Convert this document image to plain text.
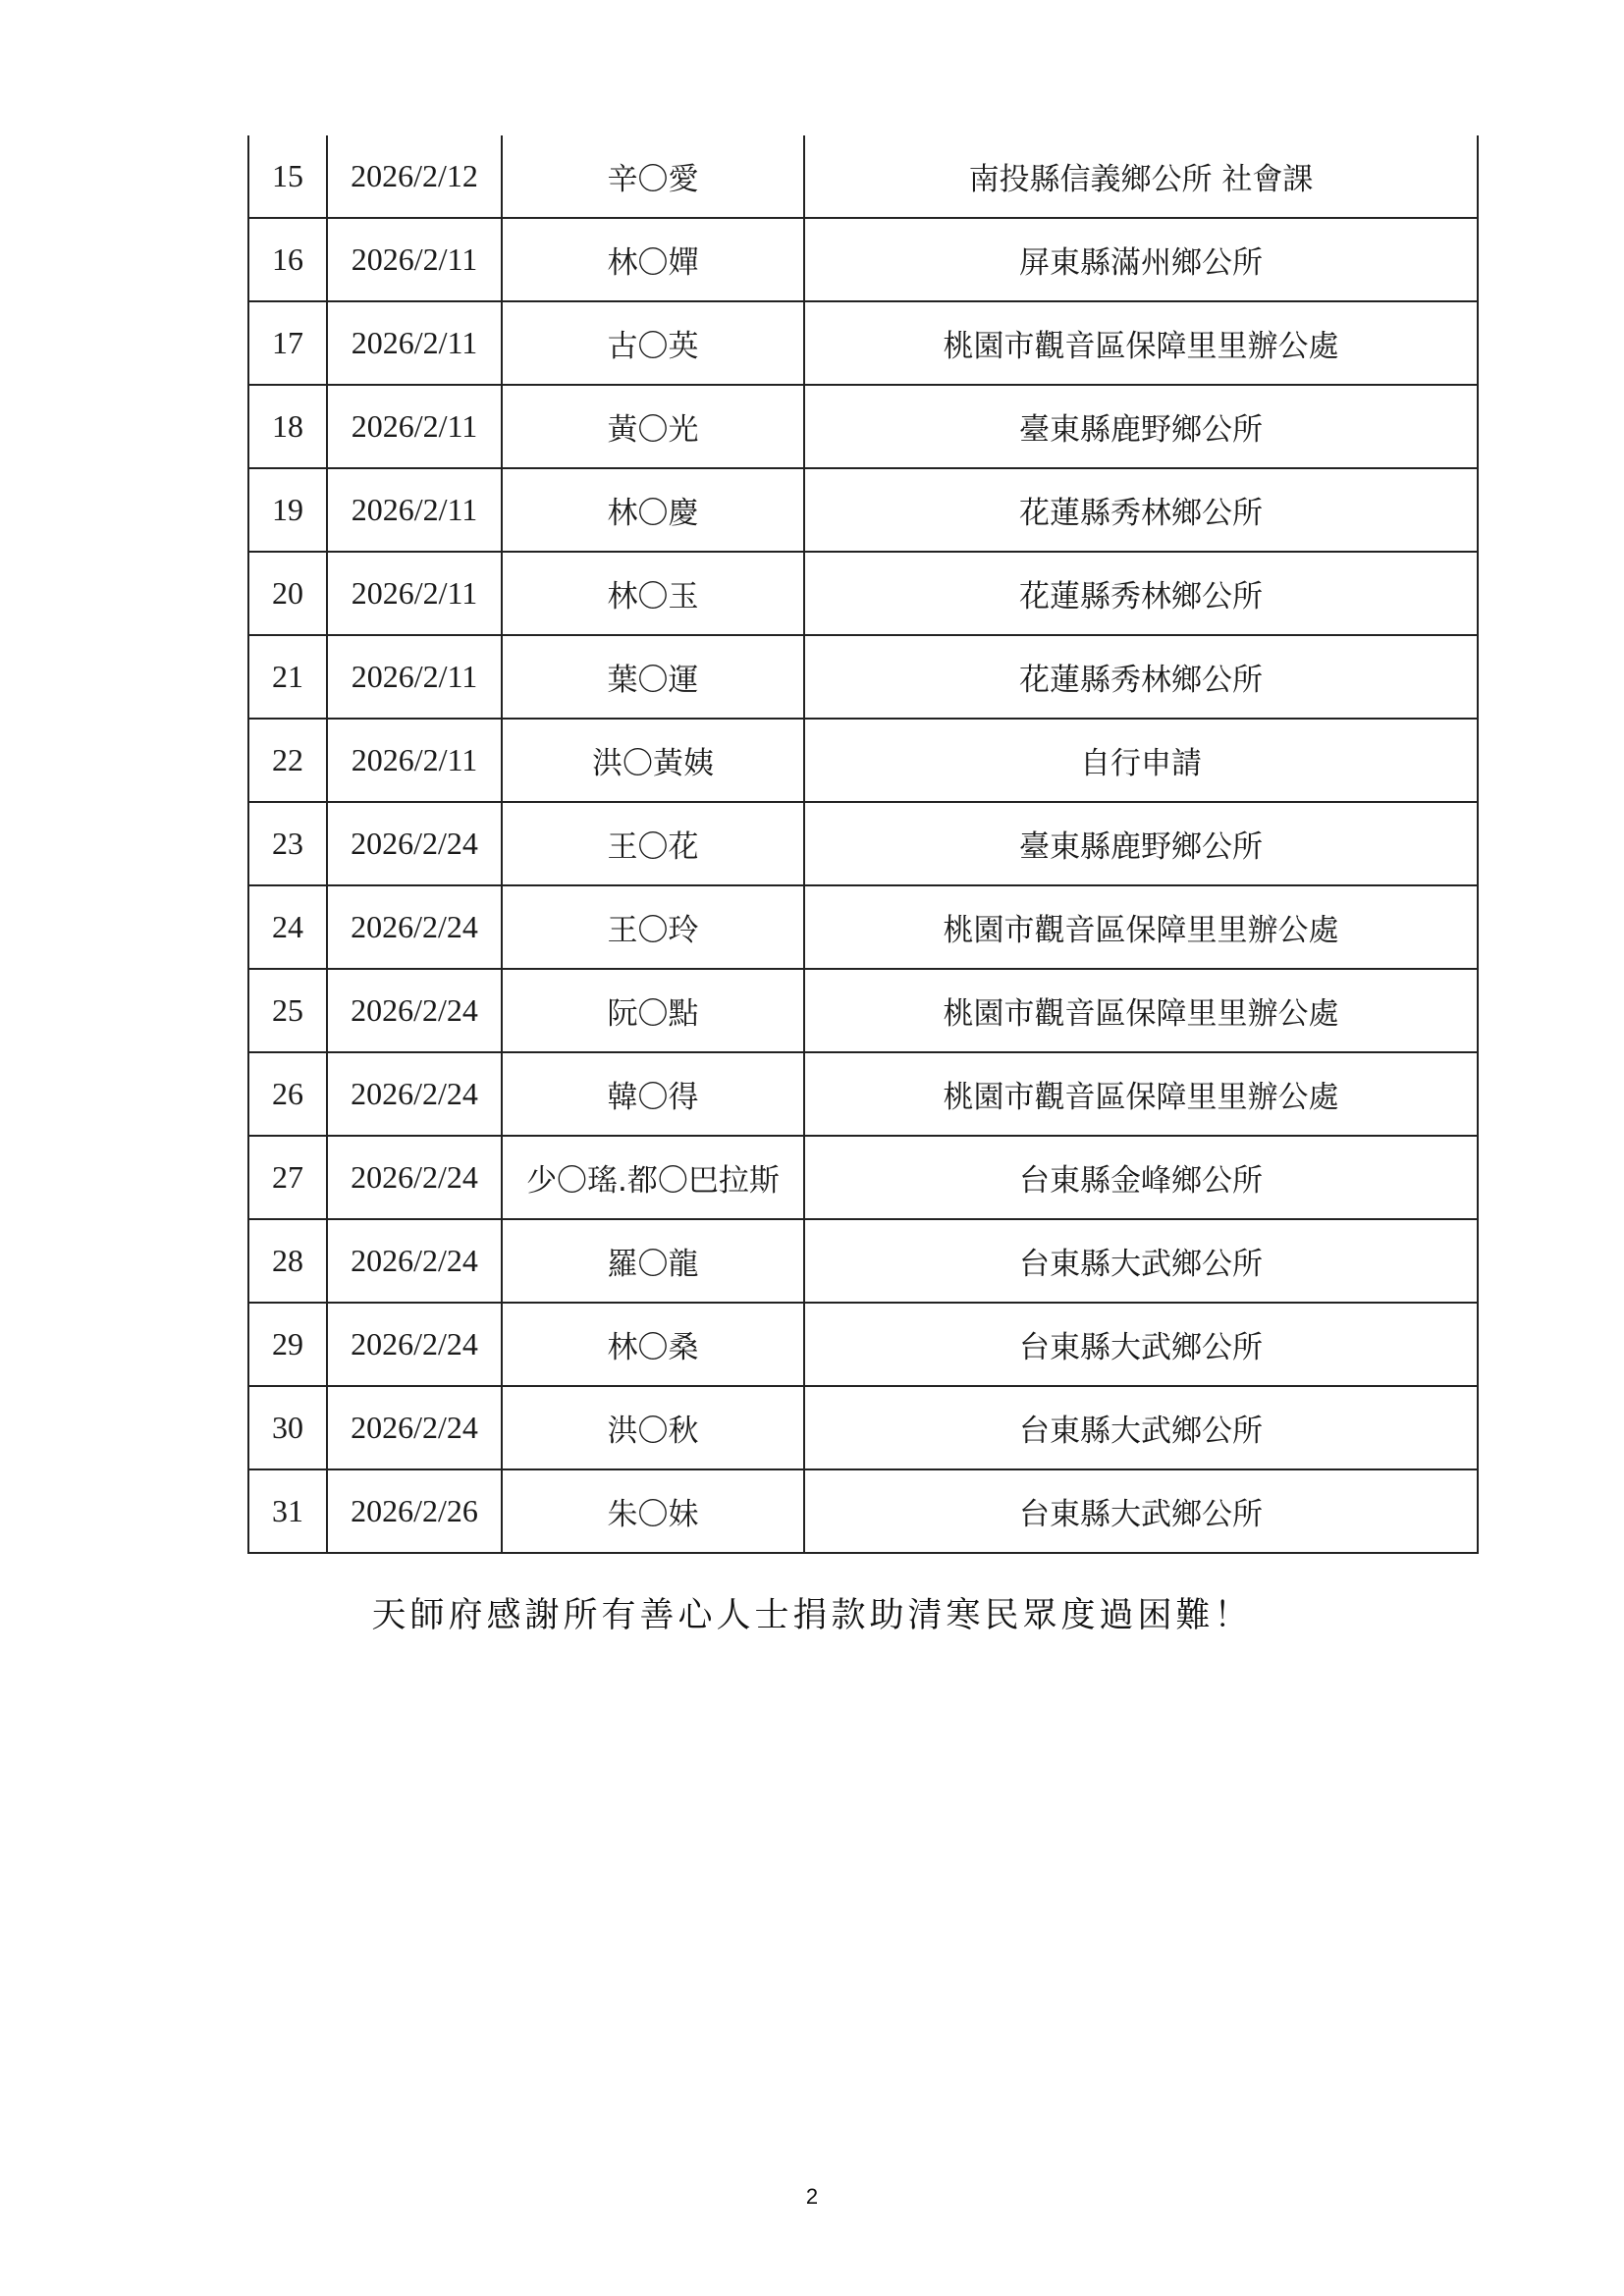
15	2026/2/12	辛〇愛	南投縣信義鄉公所 社會課
16	2026/2/11	林〇嬋	屏東縣滿州鄉公所
17	2026/2/11	古〇英	桃園市觀音區保障里里辦公處
18	2026/2/11	黃〇光	臺東縣鹿野鄉公所
19	2026/2/11	林〇慶	花蓮縣秀林鄉公所
20	2026/2/11	林〇玉	花蓮縣秀林鄉公所
21	2026/2/11	葉〇運	花蓮縣秀林鄉公所
22	2026/2/11	洪〇黃姨	自行申請
23	2026/2/24	王〇花	臺東縣鹿野鄉公所
24	2026/2/24	王〇玲	桃園市觀音區保障里里辦公處
25	2026/2/24	阮〇點	桃園市觀音區保障里里辦公處
26	2026/2/24	韓〇得	桃園市觀音區保障里里辦公處
27	2026/2/24	少〇瑤.都〇巴拉斯	台東縣金峰鄉公所
28	2026/2/24	羅〇龍	台東縣大武鄉公所
29	2026/2/24	林〇桑	台東縣大武鄉公所
30	2026/2/24	洪〇秋	台東縣大武鄉公所
31	2026/2/26	朱〇妹	台東縣大武鄉公所
天師府感謝所有善心人士捐款助清寒民眾度過困難！
2
